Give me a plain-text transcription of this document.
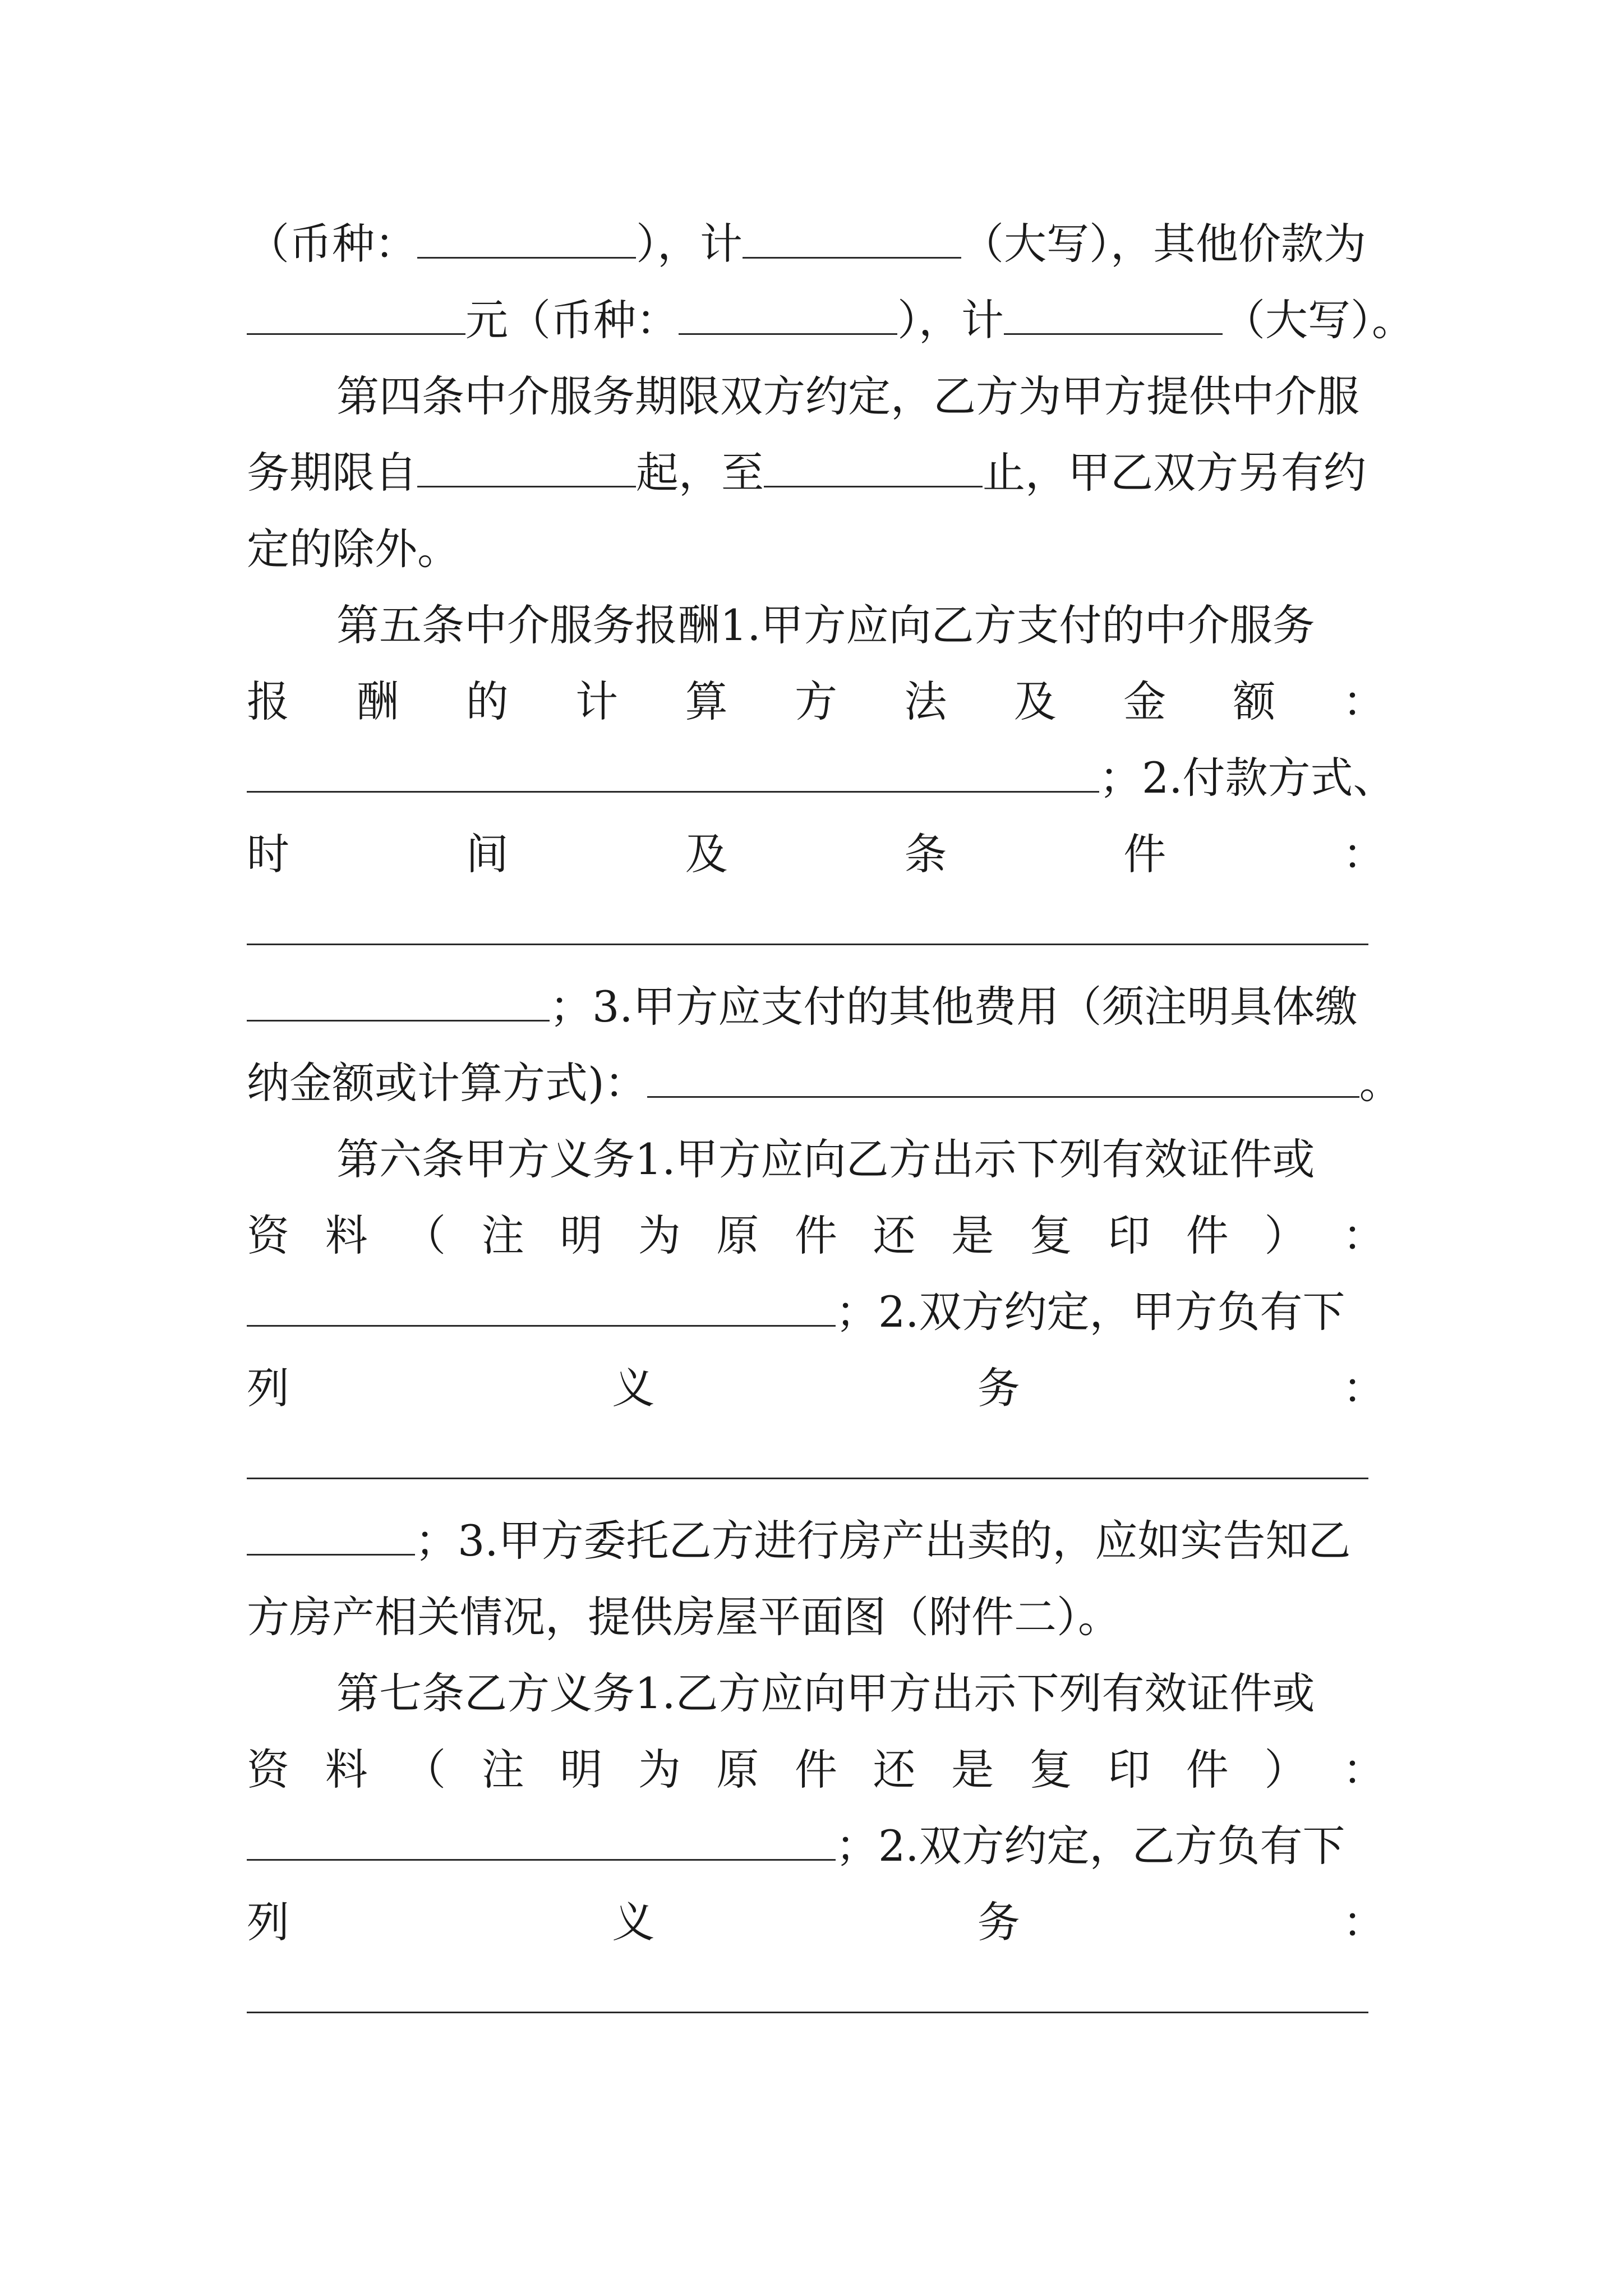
（币种：	），计	（大写），其他价款为
元（币种：	），计	（大写）。
第四条中介服务期限双方约定，乙方为甲方提供中介服
务期限自	起，至	止，甲乙双方另有约
定的除外。
第五条中介服务报酬1.甲方应向乙方支付的中介服务
报 酬 的 计 算 方 法 及 金 额 ：
；2.付款方式、
时	间	及	条	件	：
；3.甲方应支付的其他费用（须注明具体缴
纳金额或计算方式)：	。
第六条甲方义务1.甲方应向乙方出示下列有效证件或
资 料 （ 注 明 为 原 件 还 是 复 印 件 ） ：
；2.双方约定，甲方负有下
列	义	务	：
；3.甲方委托乙方进行房产出卖的，应如实告知乙
方房产相关情况，提供房屋平面图（附件二）。
第七条乙方义务1.乙方应向甲方出示下列有效证件或
资 料 （ 注 明 为 原 件 还 是 复 印 件 ） ：
；2.双方约定，乙方负有下
列	义	务	：
